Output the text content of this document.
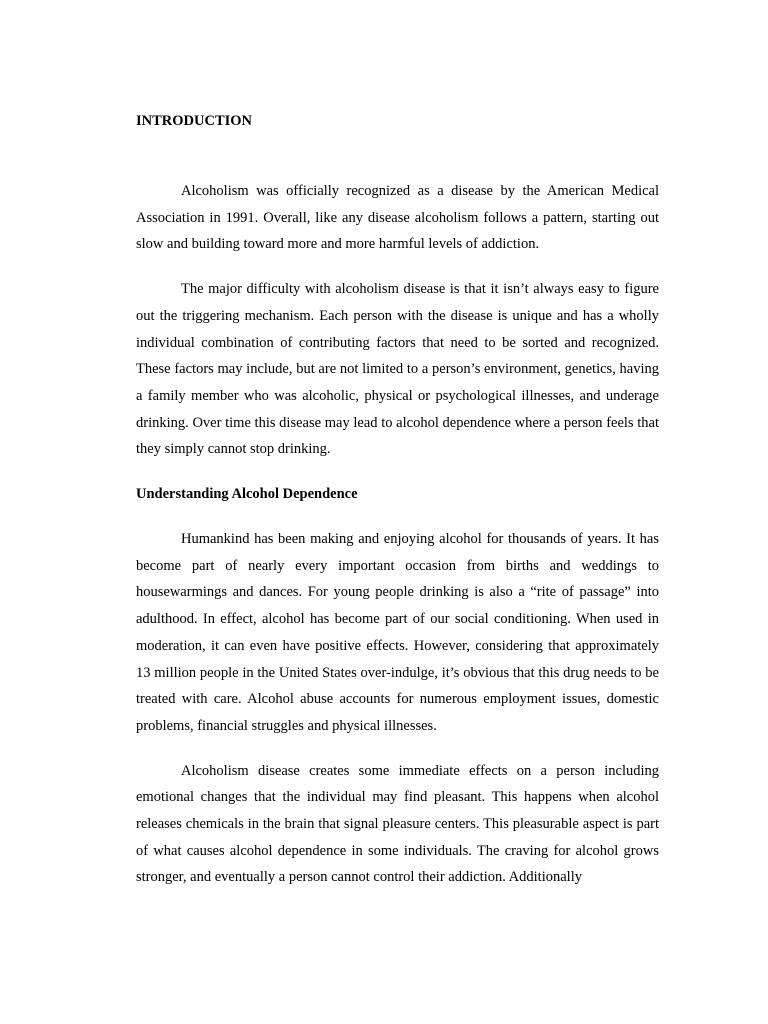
INTRODUCTION

Alcoholism was officially recognized as a disease by the American Medical Association in 1991. Overall, like any disease alcoholism follows a pattern, starting out slow and building toward more and more harmful levels of addiction.

The major difficulty with alcoholism disease is that it isn’t always easy to figure out the triggering mechanism. Each person with the disease is unique and has a wholly individual combination of contributing factors that need to be sorted and recognized. These factors may include, but are not limited to a person’s environment, genetics, having a family member who was alcoholic, physical or psychological illnesses, and underage drinking. Over time this disease may lead to alcohol dependence where a person feels that they simply cannot stop drinking.

Understanding Alcohol Dependence

Humankind has been making and enjoying alcohol for thousands of years. It has become part of nearly every important occasion from births and weddings to housewarmings and dances. For young people drinking is also a “rite of passage” into adulthood. In effect, alcohol has become part of our social conditioning. When used in moderation, it can even have positive effects. However, considering that approximately 13 million people in the United States over-indulge, it’s obvious that this drug needs to be treated with care. Alcohol abuse accounts for numerous employment issues, domestic problems, financial struggles and physical illnesses.

Alcoholism disease creates some immediate effects on a person including emotional changes that the individual may find pleasant. This happens when alcohol releases chemicals in the brain that signal pleasure centers. This pleasurable aspect is part of what causes alcohol dependence in some individuals. The craving for alcohol grows stronger, and eventually a person cannot control their addiction. Additionally
